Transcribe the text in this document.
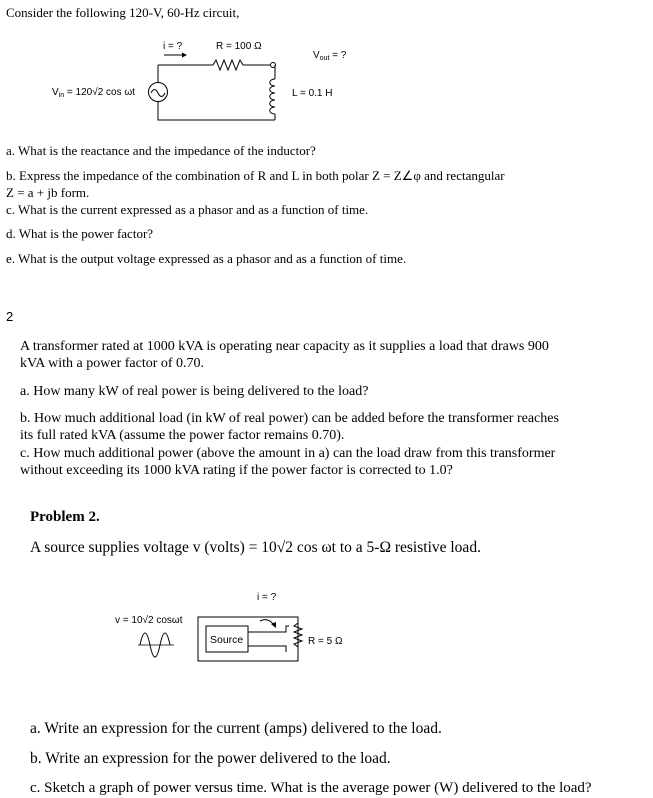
Consider the following 120-V, 60-Hz circuit,
i = ?	R = 100 Ω
$V_{out}$ = ?
L = 0.1 H
$V_{in} = 120√2$ cos ωt
a. What is the reactance and the impedance of the inductor?
b. Express the impedance of the combination of R and L in both polar Z = Z∠φ and rectangular
Z = a + jb form.
c. What is the current expressed as a phasor and as a function of time.
d. What is the power factor?
e. What is the output voltage expressed as a phasor and as a function of time.
2
A transformer rated at 1000 kVA is operating near capacity as it supplies a load that draws 900
kVA with a power factor of 0.70.
a. How many kW of real power is being delivered to the load?
b. How much additional load (in kW of real power) can be added before the transformer reaches
its full rated kVA (assume the power factor remains 0.70).
c. How much additional power (above the amount in a) can the load draw from this transformer
without exceeding its 1000 kVA rating if the power factor is corrected to 1.0?
Problem 2.
A source supplies voltage v (volts) = 10√2 cos ωt to a 5-Ω resistive load.
i = ?
v = 10√2 cosωt
Source	R = 5 Ω
a. Write an expression for the current (amps) delivered to the load.
b. Write an expression for the power delivered to the load.
c. Sketch a graph of power versus time. What is the average power (W) delivered to the load?
